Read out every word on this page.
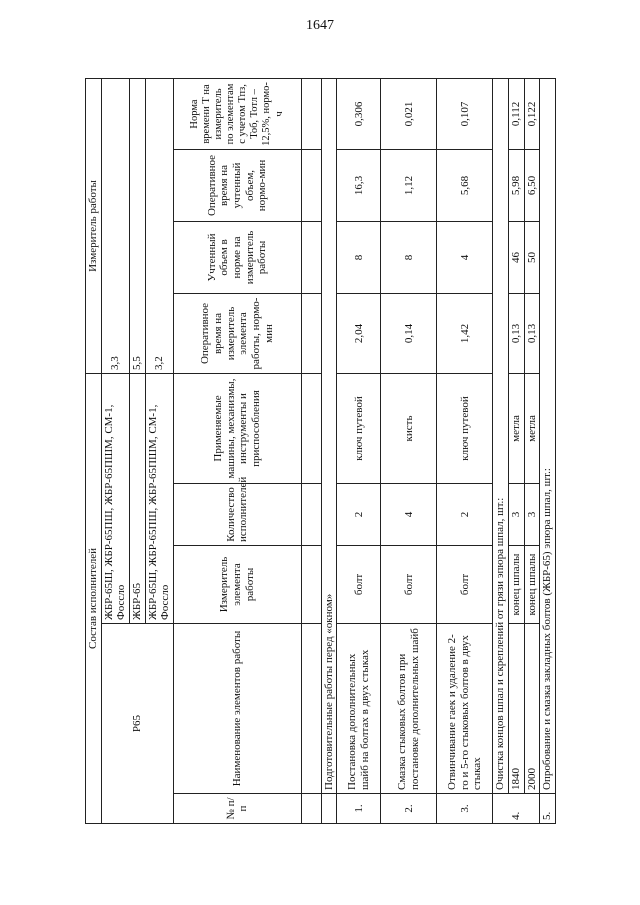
1647
Состав исполнителей					Измеритель работы			
Р65		ЖБР-65Ш, ЖБР-65ПШ, ЖБР-65ПШМ, СМ-1, Фоссло			3,3			
		ЖБР-65			5,5			
		ЖБР-65Ш, ЖБР-65ПШ, ЖБР-65ПШМ, СМ-1, Фоссло			3,2			
№ п/п	Наименование элементов работы	Измеритель элемента работы	Количество исполнителей	Применяемые машины, механизмы, инструменты и приспособления	Оперативное время на измеритель элемента работы, нормо-мин	Учтенный объем в норме на измеритель работы	Оперативное время на учтенный объем, нормо-мин	Норма времени Т на измеритель по элементам с учетом Тпз, Тоб, Тотл – 12,5%, нормо-ч

	Подготовительные работы перед «окном»							
1.	Постановка дополнительных шайб на болтах в двух стыках	болт	2	ключ путевой	2,04	8	16,3	0,306
2.	Смазка стыковых болтов при постановке дополнительных шайб	болт	4	кисть	0,14	8	1,12	0,021
3.	Отвинчивание гаек и удаление 2-го и 5-го стыковых болтов в двух стыках	болт	2	ключ путевой	1,42	4	5,68	0,107
4.	Очистка концов шпал и скреплений от грязи эпюра шпал, шт.:							
	1840	конец шпалы	3	метла	0,13	46	5,98	0,112
	2000	конец шпалы	3	метла	0,13	50	6,50	0,122
5.	Опробование и смазка закладных болтов (ЖБР-65) эпюра шпал, шт.:							
